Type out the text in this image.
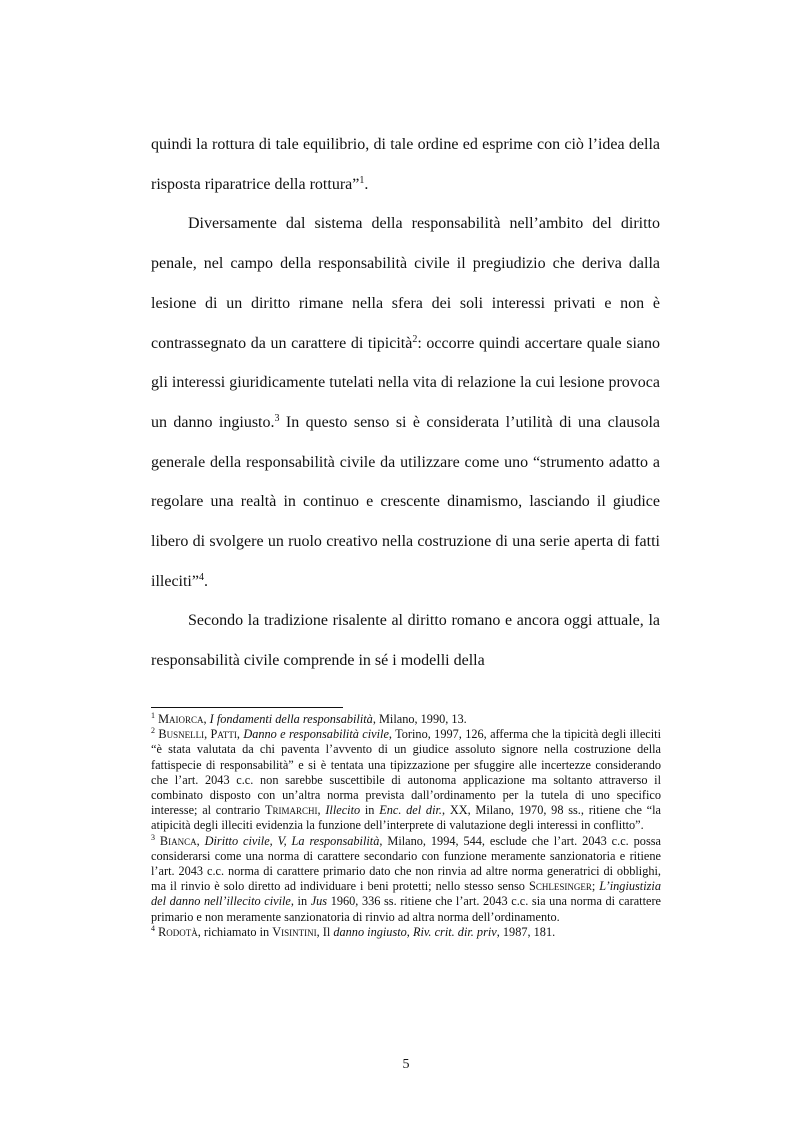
quindi la rottura di tale equilibrio, di tale ordine ed esprime con ciò l’idea della risposta riparatrice della rottura”$^1$.

Diversamente dal sistema della responsabilità nell’ambito del diritto penale, nel campo della responsabilità civile il pregiudizio che deriva dalla lesione di un diritto rimane nella sfera dei soli interessi privati e non è contrassegnato da un carattere di tipicità$^2$: occorre quindi accertare quale siano gli interessi giuridicamente tutelati nella vita di relazione la cui lesione provoca un danno ingiusto.$^3$ In questo senso si è considerata l’utilità di una clausola generale della responsabilità civile da utilizzare come uno “strumento adatto a regolare una realtà in continuo e crescente dinamismo, lasciando il giudice libero di svolgere un ruolo creativo nella costruzione di una serie aperta di fatti illeciti”$^4$.

Secondo la tradizione risalente al diritto romano e ancora oggi attuale, la responsabilità civile comprende in sé i modelli della

$^1$ Maiorca, I fondamenti della responsabilità, Milano, 1990, 13.

$^2$ Busnelli, Patti, Danno e responsabilità civile, Torino, 1997, 126, afferma che la tipicità degli illeciti “è stata valutata da chi paventa l’avvento di un giudice assoluto signore nella costruzione della fattispecie di responsabilità” e si è tentata una tipizzazione per sfuggire alle incertezze considerando che l’art. 2043 c.c. non sarebbe suscettibile di autonoma applicazione ma soltanto attraverso il combinato disposto con un’altra norma prevista dall’ordinamento per la tutela di uno specifico interesse; al contrario Trimarchi, Illecito in Enc. del dir., XX, Milano, 1970, 98 ss., ritiene che “la atipicità degli illeciti evidenzia la funzione dell’interprete di valutazione degli interessi in conflitto”.

$^3$ Bianca, Diritto civile, V, La responsabilità, Milano, 1994, 544, esclude che l’art. 2043 c.c. possa considerarsi come una norma di carattere secondario con funzione meramente sanzionatoria e ritiene l’art. 2043 c.c. norma di carattere primario dato che non rinvia ad altre norma generatrici di obblighi, ma il rinvio è solo diretto ad individuare i beni protetti; nello stesso senso Schlesinger; L’ingiustizia del danno nell’illecito civile, in Jus 1960, 336 ss. ritiene che l’art. 2043 c.c. sia una norma di carattere primario e non meramente sanzionatoria di rinvio ad altra norma dell’ordinamento.

$^4$ Rodotà, richiamato in Visintini, Il danno ingiusto, Riv. crit. dir. priv, 1987, 181.

5
